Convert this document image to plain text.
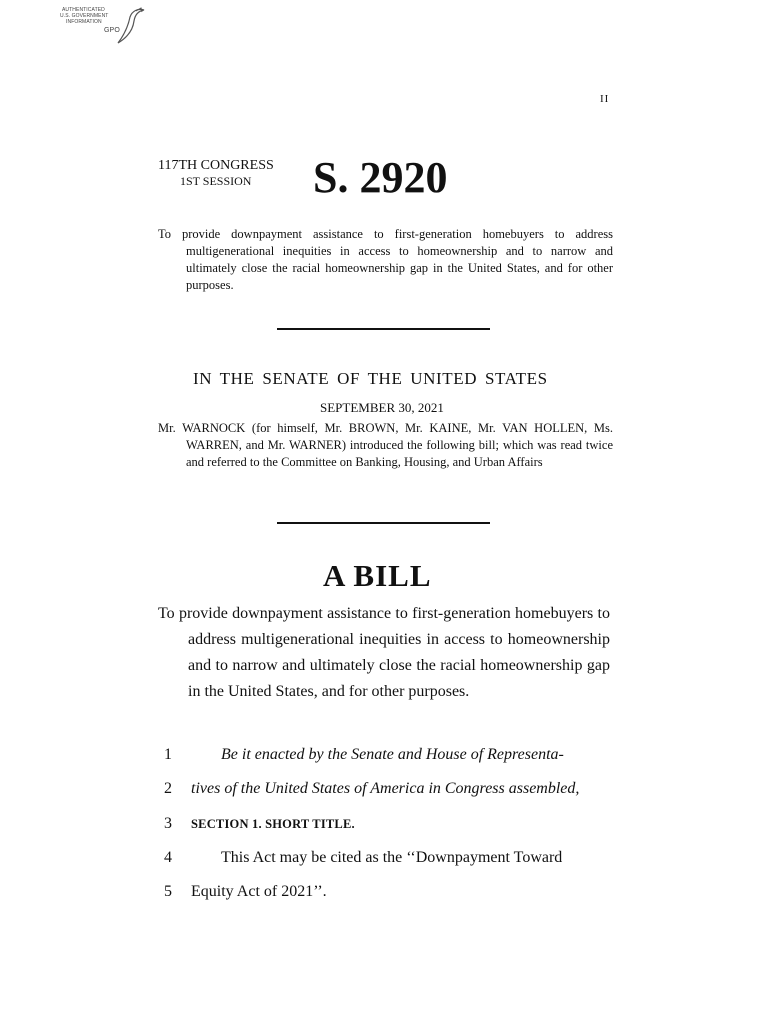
AUTHENTICATED
U.S. GOVERNMENT
INFORMATION
GPO
II
117TH CONGRESS
1ST SESSION S. 2920
To provide downpayment assistance to first-generation homebuyers to address multigenerational inequities in access to homeownership and to narrow and ultimately close the racial homeownership gap in the United States, and for other purposes.
IN THE SENATE OF THE UNITED STATES
SEPTEMBER 30, 2021
Mr. WARNOCK (for himself, Mr. BROWN, Mr. KAINE, Mr. VAN HOLLEN, Ms. WARREN, and Mr. WARNER) introduced the following bill; which was read twice and referred to the Committee on Banking, Housing, and Urban Affairs
A BILL
To provide downpayment assistance to first-generation homebuyers to address multigenerational inequities in access to homeownership and to narrow and ultimately close the racial homeownership gap in the United States, and for other purposes.
1	Be it enacted by the Senate and House of Representa-
2 tives of the United States of America in Congress assembled,
3 SECTION 1. SHORT TITLE.
4	This Act may be cited as the ‘‘Downpayment Toward
5 Equity Act of 2021’’.
